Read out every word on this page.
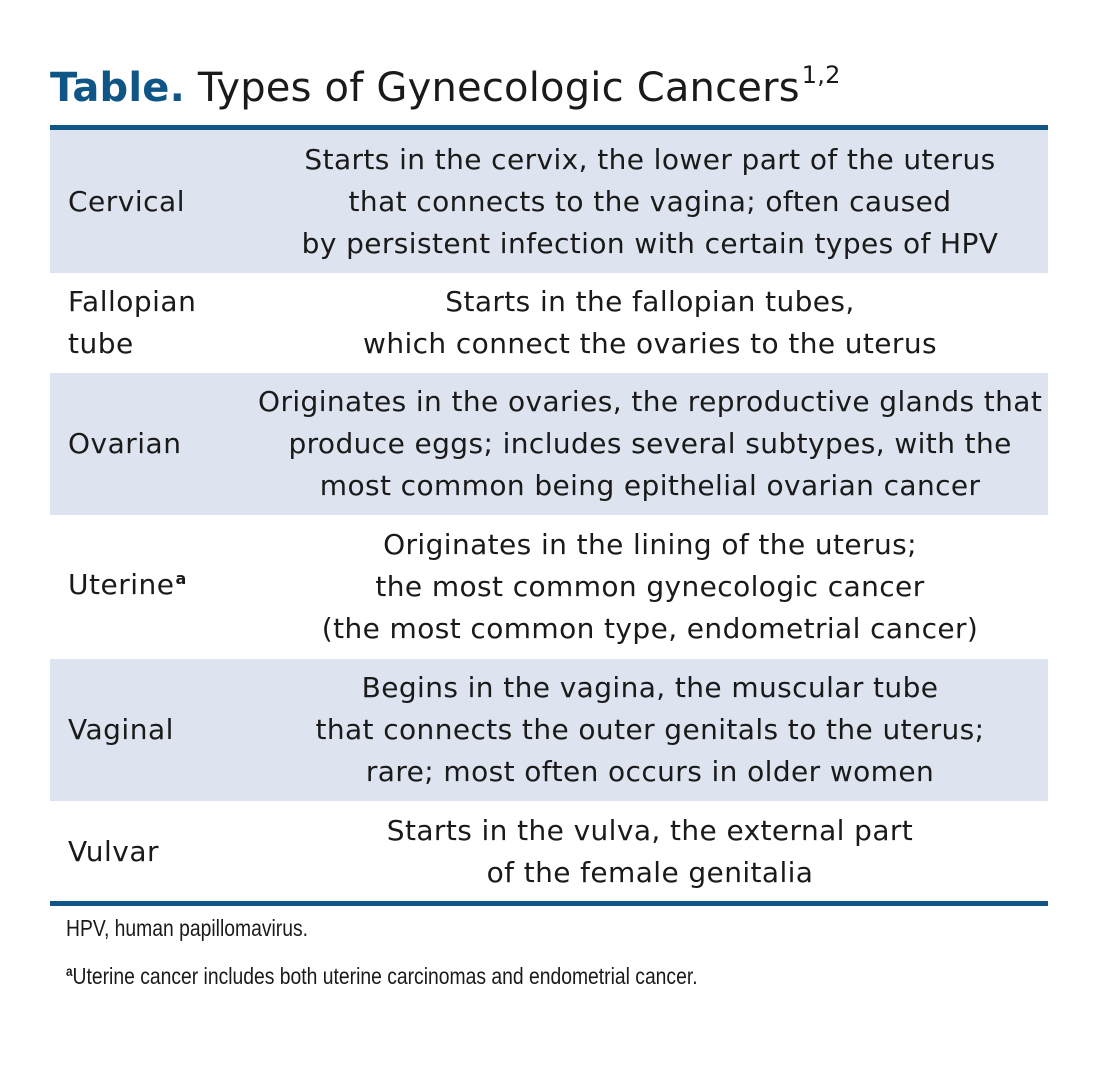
Table. Types of Gynecologic Cancers$^{1,2}$
Cervical
Starts in the cervix, the lower part of the uterus
that connects to the vagina; often caused
by persistent infection with certain types of HPV
Fallopian
tube
Starts in the fallopian tubes,
which connect the ovaries to the uterus
Ovarian
Originates in the ovaries, the reproductive glands that
produce eggs; includes several subtypes, with the
most common being epithelial ovarian cancer
Uterine$^a$
Originates in the lining of the uterus;
the most common gynecologic cancer
(the most common type, endometrial cancer)
Vaginal
Begins in the vagina, the muscular tube
that connects the outer genitals to the uterus;
rare; most often occurs in older women
Vulvar
Starts in the vulva, the external part
of the female genitalia
HPV, human papillomavirus.
$^a$Uterine cancer includes both uterine carcinomas and endometrial cancer.
